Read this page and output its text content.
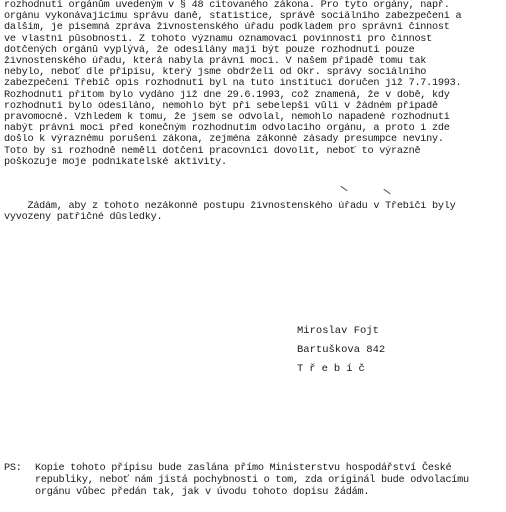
rozhodnutí orgánům uvedeným v § 48 citovaného zákona. Pro tyto orgány, např.
orgánu vykonávajícímu správu daně, statistice, správě sociálního zabezpečení a
dalším, je písemná zpráva živnostenského úřadu podkladem pro správní činnost
ve vlastní působnosti. Z tohoto významu oznamovací povinnosti pro činnost
dotčených orgánů vyplývá, že odesílány mají být pouze rozhodnutí pouze
živnostenského úřadu, která nabyla právní moci. V našem případě tomu tak
nebylo, neboť dle přípisu, který jsme obdrželi od Okr. správy sociálního
zabezpečení Třebíč opis rozhodnutí byl na tuto instituci doručen již 7.7.1993.
Rozhodnutí přitom bylo vydáno již dne 29.6.1993, což znamená, že v době, kdy
rozhodnutí bylo odesíláno, nemohlo být při sebelepší vůli v žádném případě
pravomocné. Vzhledem k tomu, že jsem se odvolal, nemohlo napadené rozhodnutí
nabýt právní moci před konečným rozhodnutím odvolacího orgánu, a proto i zde
došlo k výraznému porušení zákona, zejména zákonné zásady presumpce neviny.
Toto by si rozhodně neměli dotčení pracovníci dovolit, neboť to výrazně
poškozuje moje podnikatelské aktivity.
Žádám, aby z tohoto nezákonné postupu živnostenského úřadu v Třebíči byly
vyvozeny patřičné důsledky.
Miroslav Fojt
Bartuškova 842
Třebíč
PS: Kopie tohoto přípisu bude zaslána přímo Ministerstvu hospodářství České
republiky, neboť nám jistá pochybnosti o tom, zda originál bude odvolacímu
orgánu vůbec předán tak, jak v úvodu tohoto dopisu žádám.
